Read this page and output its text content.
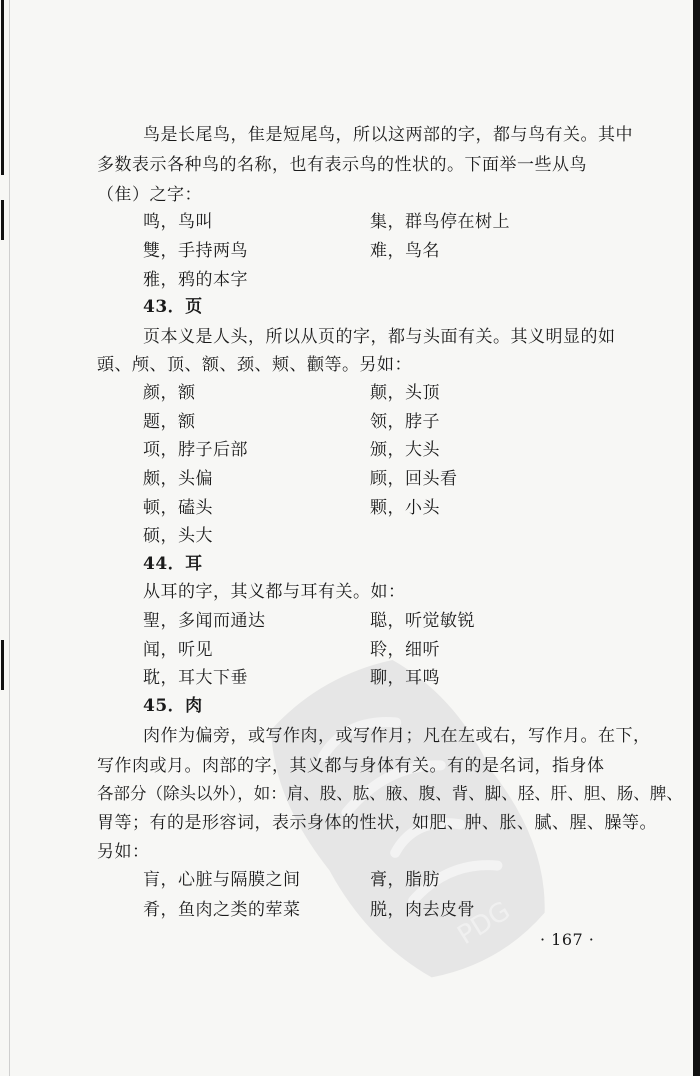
PDG
鸟是长尾鸟，隹是短尾鸟，所以这两部的字，都与鸟有关。其中
多数表示各种鸟的名称，也有表示鸟的性状的。下面举一些从鸟
（隹）之字：
鸣，鸟叫	集，群鸟停在树上
雙，手持两鸟	难，鸟名
雅，鸦的本字
43．页
页本义是人头，所以从页的字，都与头面有关。其义明显的如
頭、颅、顶、额、颈、颊、颧等。另如：
颜，额	颠，头顶
题，额	领，脖子
项，脖子后部	颁，大头
颇，头偏	顾，回头看
顿，磕头	颗，小头
硕，头大
44．耳
从耳的字，其义都与耳有关。如：
聖，多闻而通达	聪，听觉敏锐
闻，听见	聆，细听
耽，耳大下垂	聊，耳鸣
45．肉
肉作为偏旁，或写作肉，或写作月；凡在左或右，写作月。在下，
写作肉或月。肉部的字，其义都与身体有关。有的是名词，指身体
各部分（除头以外），如：肩、股、肱、腋、腹、背、脚、胫、肝、胆、肠、脾、
胃等；有的是形容词，表示身体的性状，如肥、肿、胀、腻、腥、臊等。
另如：
肓，心脏与隔膜之间	膏，脂肪
肴，鱼肉之类的荤菜	脱，肉去皮骨
· 167 ·
